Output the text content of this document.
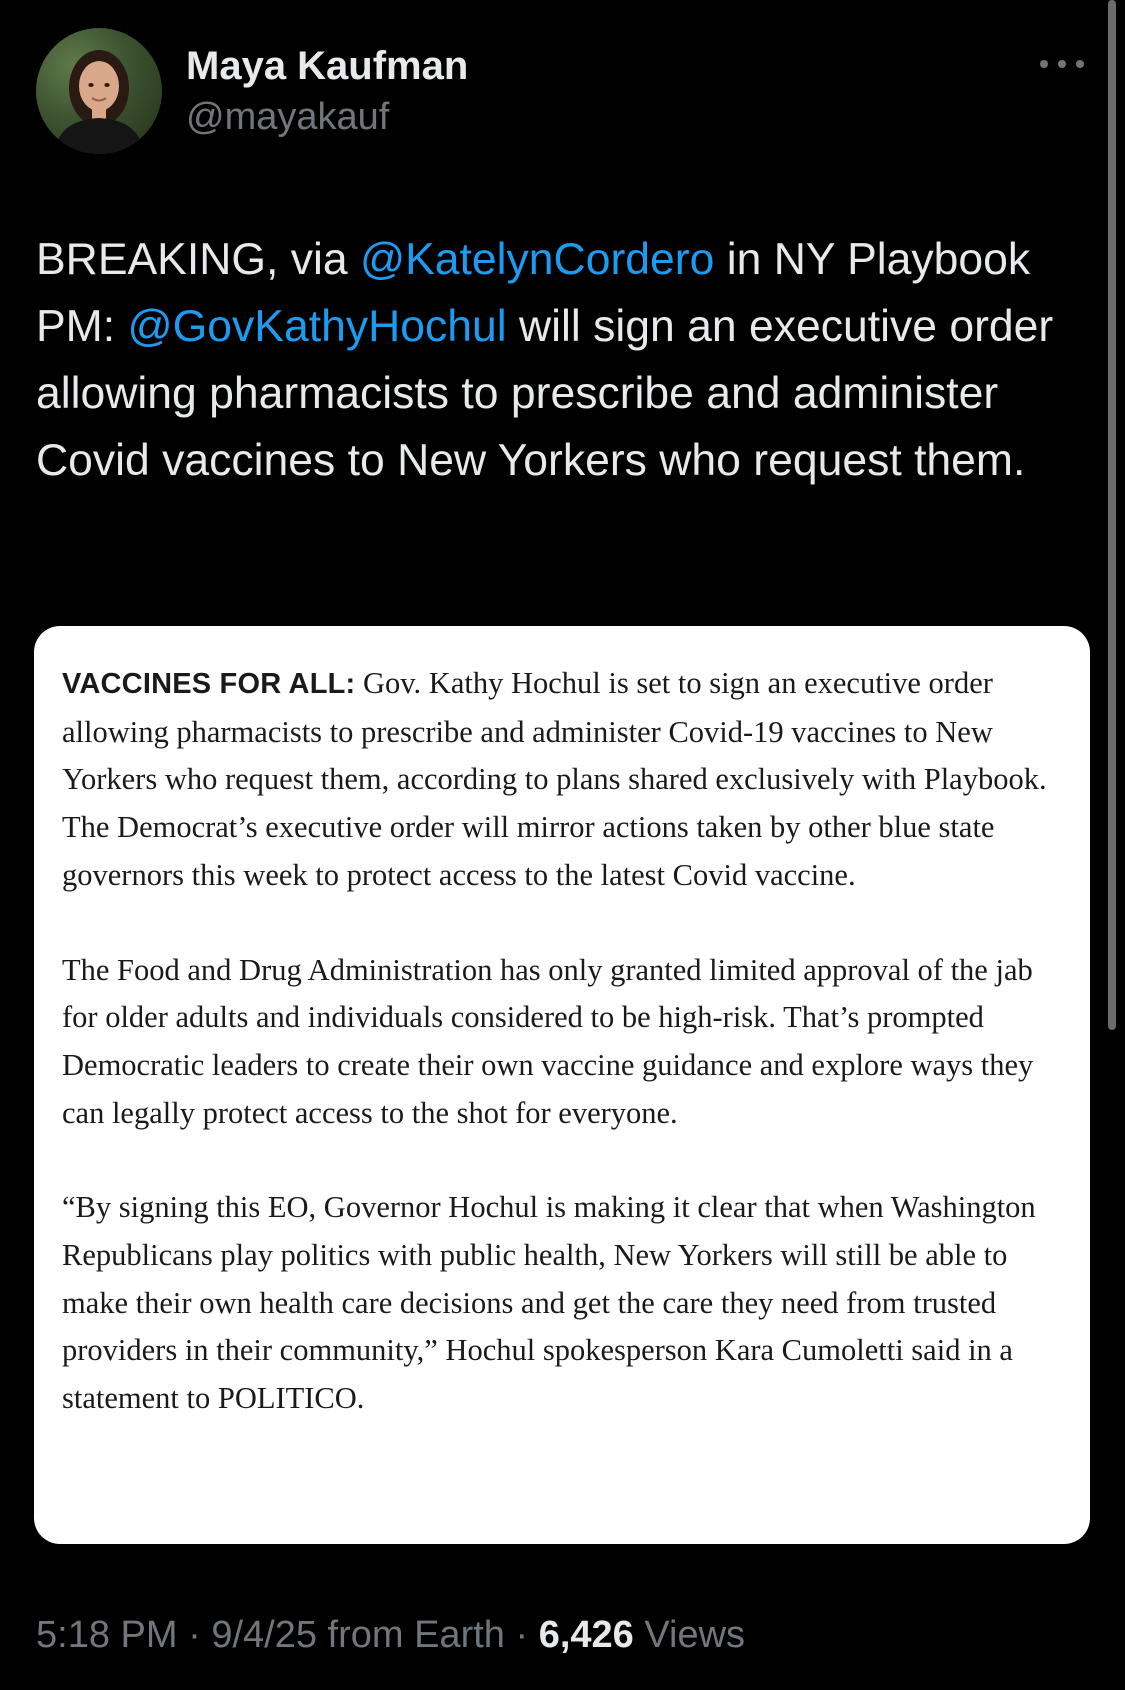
Maya Kaufman
@mayakauf

BREAKING, via @KatelynCordero in NY Playbook PM: @GovKathyHochul will sign an executive order allowing pharmacists to prescribe and administer Covid vaccines to New Yorkers who request them.

VACCINES FOR ALL: Gov. Kathy Hochul is set to sign an executive order allowing pharmacists to prescribe and administer Covid-19 vaccines to New Yorkers who request them, according to plans shared exclusively with Playbook. The Democrat’s executive order will mirror actions taken by other blue state governors this week to protect access to the latest Covid vaccine.

The Food and Drug Administration has only granted limited approval of the jab for older adults and individuals considered to be high-risk. That’s prompted Democratic leaders to create their own vaccine guidance and explore ways they can legally protect access to the shot for everyone.

“By signing this EO, Governor Hochul is making it clear that when Washington Republicans play politics with public health, New Yorkers will still be able to make their own health care decisions and get the care they need from trusted providers in their community,” Hochul spokesperson Kara Cumoletti said in a statement to POLITICO.

5:18 PM · 9/4/25 from Earth · 6,426 Views
